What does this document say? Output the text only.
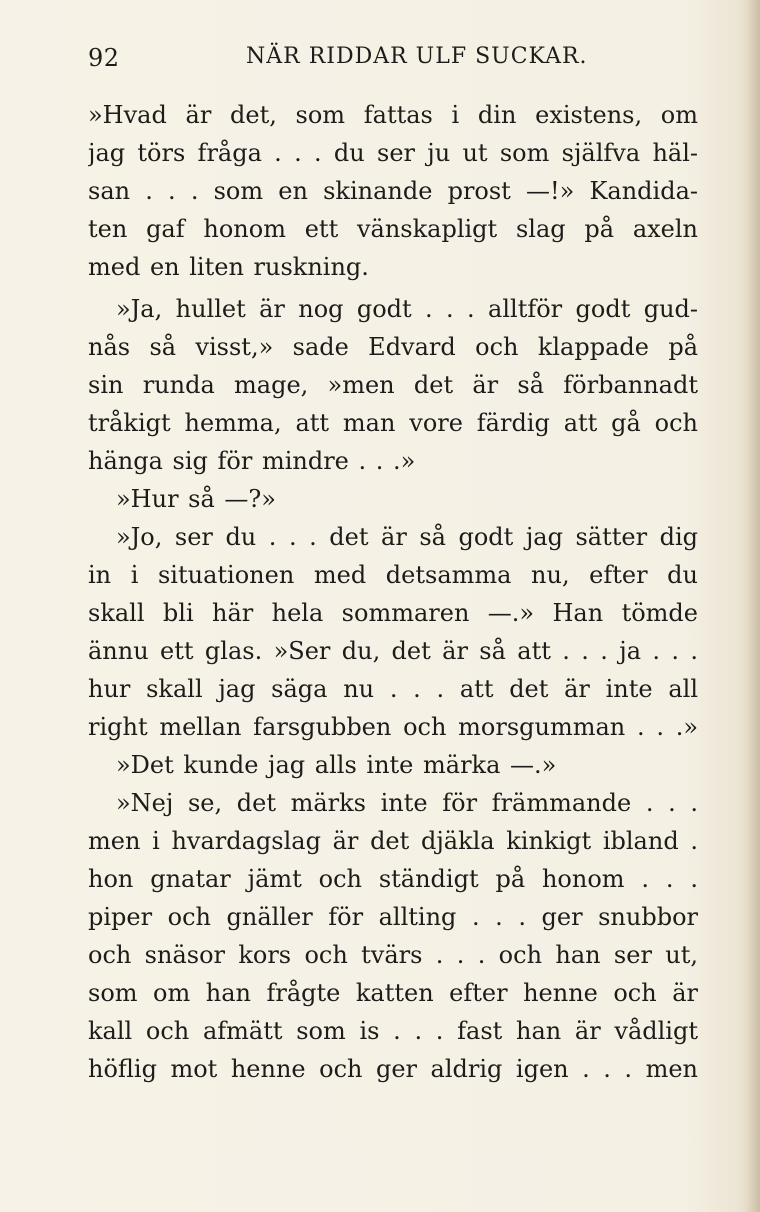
92	NÄR RIDDAR ULF SUCKAR.
»Hvad är det, som fattas i din existens, om
jag törs fråga . . . du ser ju ut som själfva häl-
san . . . som en skinande prost —!» Kandida-
ten gaf honom ett vänskapligt slag på axeln
med en liten ruskning.
»Ja, hullet är nog godt . . . alltför godt gud-
nås så visst,» sade Edvard och klappade på
sin runda mage, »men det är så förbannadt
tråkigt hemma, att man vore färdig att gå och
hänga sig för mindre . . .»
»Hur så —?»
»Jo, ser du . . . det är så godt jag sätter dig
in i situationen med detsamma nu, efter du
skall bli här hela sommaren —.» Han tömde
ännu ett glas. »Ser du, det är så att . . . ja . . .
hur skall jag säga nu . . . att det är inte all
right mellan farsgubben och morsgumman . . .»
»Det kunde jag alls inte märka —.»
»Nej se, det märks inte för främmande . . .
men i hvardagslag är det djäkla kinkigt ibland .
hon gnatar jämt och ständigt på honom . . .
piper och gnäller för allting . . . ger snubbor
och snäsor kors och tvärs . . . och han ser ut,
som om han frågte katten efter henne och är
kall och afmätt som is . . . fast han är vådligt
höflig mot henne och ger aldrig igen . . . men
